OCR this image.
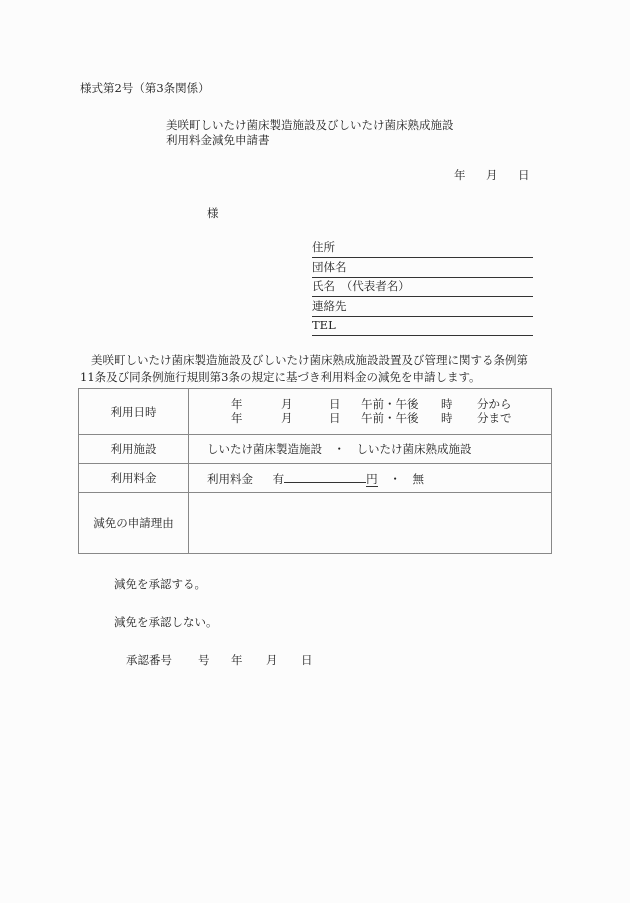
様式第2号（第3条関係）
美咲町しいたけ菌床製造施設及びしいたけ菌床熟成施設
利用料金減免申請書
年 月 日
様
住所
団体名
氏名　（代表者名）
連絡先
TEL
美咲町しいたけ菌床製造施設及びしいたけ菌床熟成施設設置及び管理に関する条例第
11条及び同条例施行規則第3条の規定に基づき利用料金の減免を申請します。
利用日時	年 月 日 午前・午後 時 分から
年 月 日 午前・午後 時 分まで

利用施設	しいたけ菌床製造施設　・　しいたけ菌床熟成施設
利用料金	利用料金 有 円 ・ 無
減免の申請理由	
減免を承認する。
減免を承認しない。
承認番号 号 年 月 日
